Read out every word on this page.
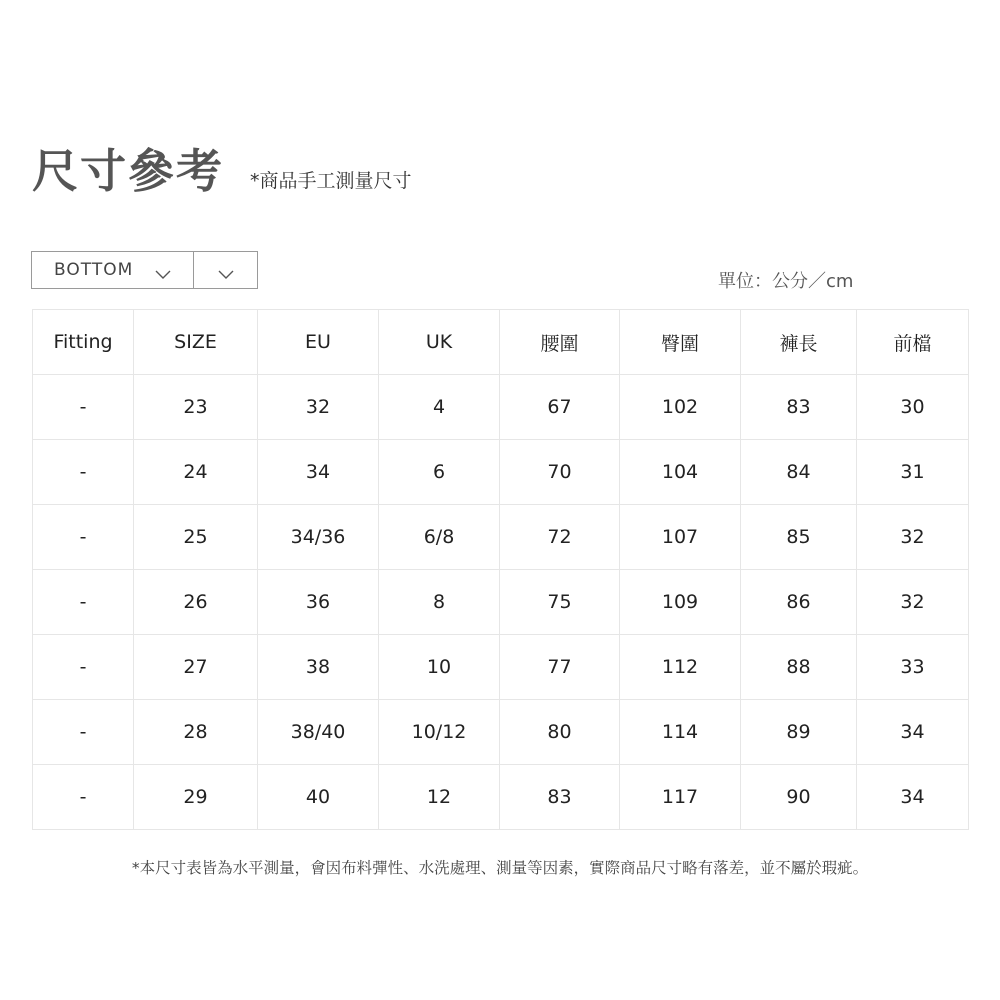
尺寸參考 *商品手工測量尺寸
BOTTOM
單位：公分／cm
Fitting	SIZE	EU	UK	腰圍	臀圍	褲長	前檔
-	23	32	4	67	102	83	30
-	24	34	6	70	104	84	31
-	25	34/36	6/8	72	107	85	32
-	26	36	8	75	109	86	32
-	27	38	10	77	112	88	33
-	28	38/40	10/12	80	114	89	34
-	29	40	12	83	117	90	34
*本尺寸表皆為水平測量，會因布料彈性、水洗處理、測量等因素，實際商品尺寸略有落差，並不屬於瑕疵。
